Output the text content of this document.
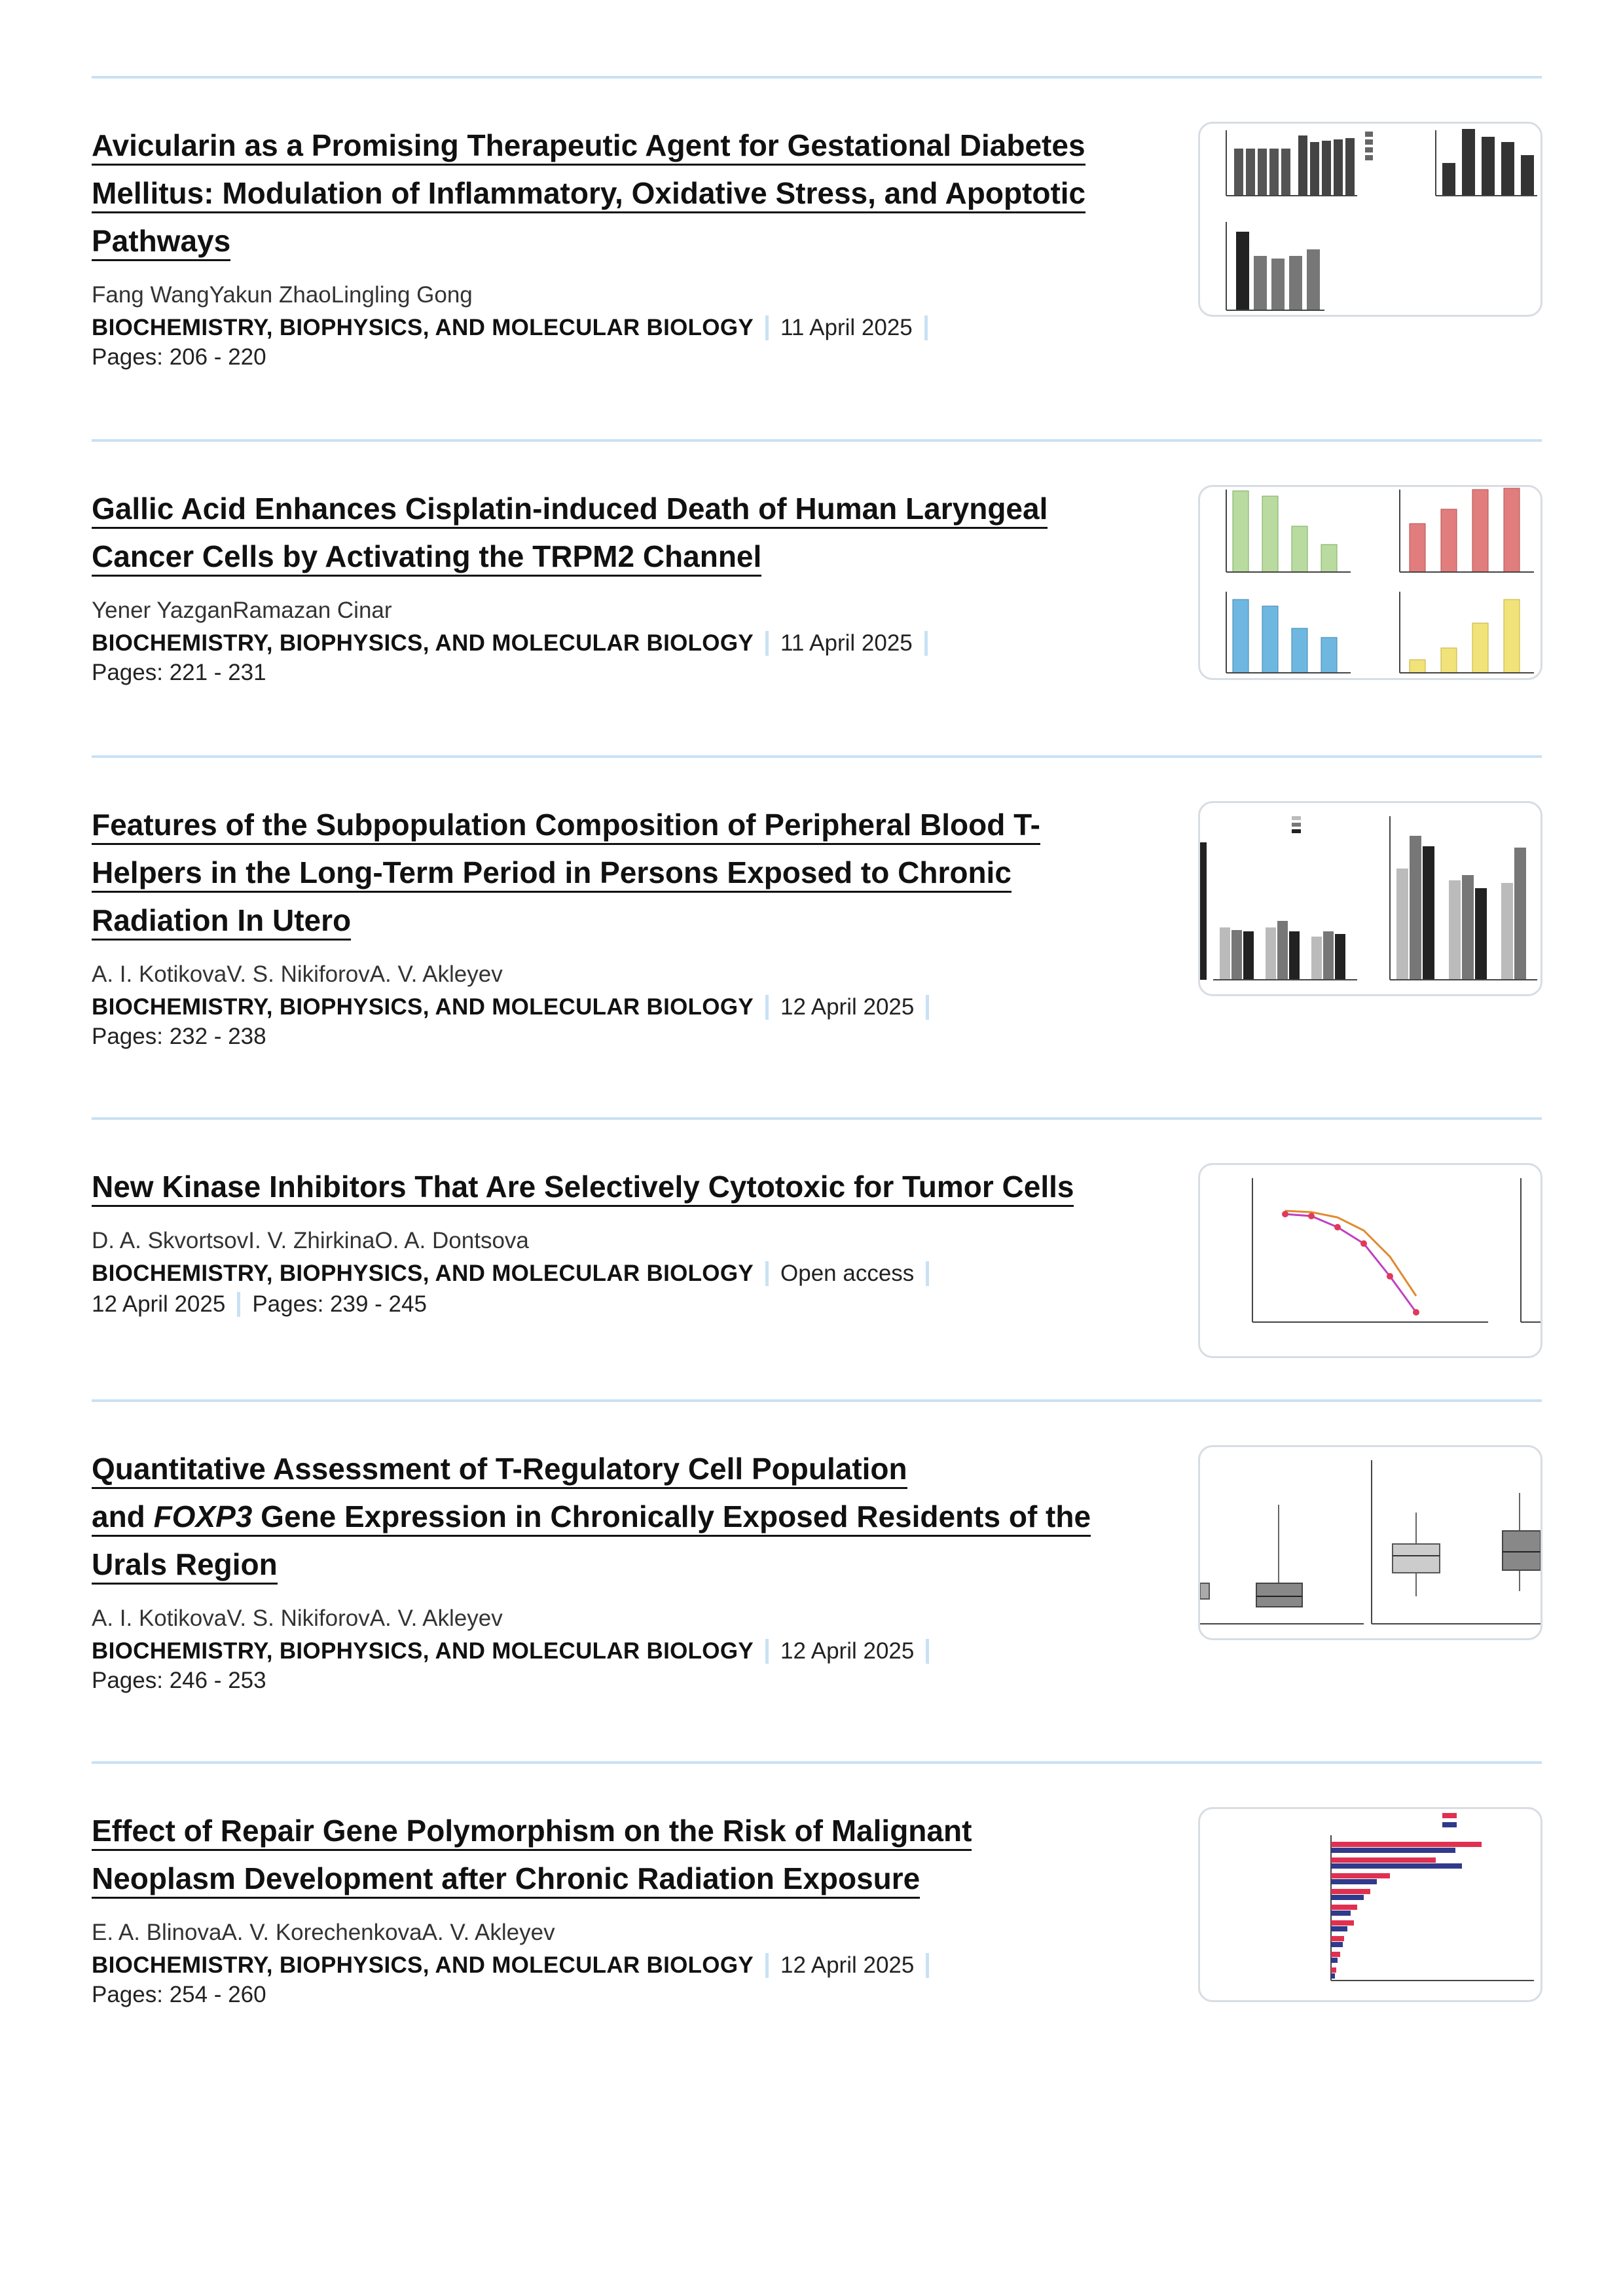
Avicularin as a Promising Therapeutic Agent for Gestational Diabetes
Mellitus: Modulation of Inflammatory, Oxidative Stress, and Apoptotic
Pathways
Fang WangYakun ZhaoLingling Gong
BIOCHEMISTRY, BIOPHYSICS, AND MOLECULAR BIOLOGY 11 April 2025
Pages: 206 - 220
Gallic Acid Enhances Cisplatin-induced Death of Human Laryngeal
Cancer Cells by Activating the TRPM2 Channel
Yener YazganRamazan Cinar
BIOCHEMISTRY, BIOPHYSICS, AND MOLECULAR BIOLOGY 11 April 2025
Pages: 221 - 231
Features of the Subpopulation Composition of Peripheral Blood T-
Helpers in the Long-Term Period in Persons Exposed to Chronic
Radiation In Utero
A. I. KotikovaV. S. NikiforovA. V. Akleyev
BIOCHEMISTRY, BIOPHYSICS, AND MOLECULAR BIOLOGY 12 April 2025
Pages: 232 - 238
New Kinase Inhibitors That Are Selectively Cytotoxic for Tumor Cells
D. A. SkvortsovI. V. ZhirkinaO. A. Dontsova
BIOCHEMISTRY, BIOPHYSICS, AND MOLECULAR BIOLOGY Open access
12 April 2025 Pages: 239 - 245
Quantitative Assessment of T-Regulatory Cell Population
and FOXP3 Gene Expression in Chronically Exposed Residents of the
Urals Region
A. I. KotikovaV. S. NikiforovA. V. Akleyev
BIOCHEMISTRY, BIOPHYSICS, AND MOLECULAR BIOLOGY 12 April 2025
Pages: 246 - 253
Effect of Repair Gene Polymorphism on the Risk of Malignant
Neoplasm Development after Chronic Radiation Exposure
E. A. BlinovaA. V. KorechenkovaA. V. Akleyev
BIOCHEMISTRY, BIOPHYSICS, AND MOLECULAR BIOLOGY 12 April 2025
Pages: 254 - 260
